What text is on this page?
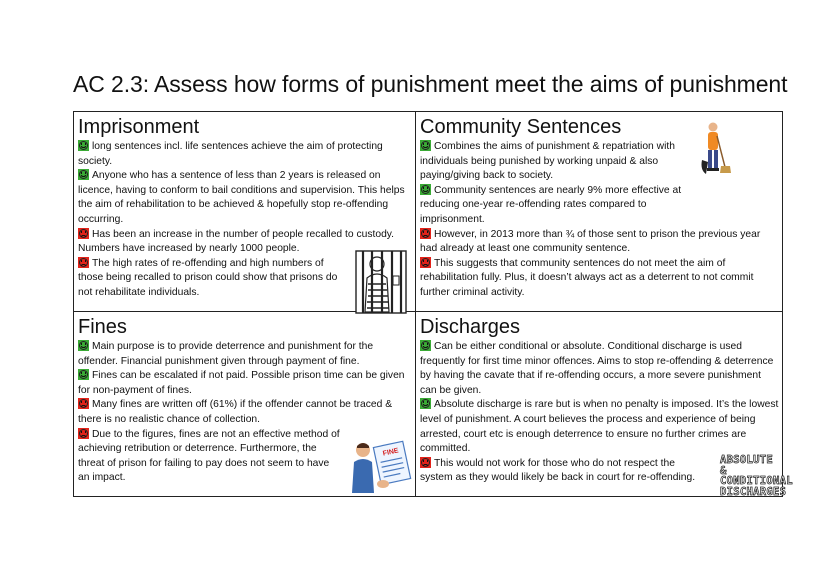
AC 2.3: Assess how forms of punishment meet the aims of punishment
Imprisonment

long sentences incl. life sentences achieve the aim of protecting society.

Anyone who has a sentence of less than 2 years is released on licence, having to conform to bail conditions and supervision. This helps the aim of rehabilitation to be achieved & hopefully stop re-offending occurring.

Has been an increase in the number of people recalled to custody. Numbers have increased by nearly 1000 people.

The high rates of re-offending and high numbers of those being recalled to prison could show that prisons do not rehabilitate individuals.

Community Sentences

Combines the aims of punishment & repatriation with individuals being punished by working unpaid & also paying/giving back to society.

Community sentences are nearly 9% more effective at reducing one-year re-offending rates compared to imprisonment.

However, in 2013 more than ¾ of those sent to prison the previous year had already at least one community sentence.

This suggests that community sentences do not meet the aim of rehabilitation fully. Plus, it doesn’t always act as a deterrent to not commit further criminal activity.

Fines

Main purpose is to provide deterrence and punishment for the offender. Financial punishment given through payment of fine.

Fines can be escalated if not paid. Possible prison time can be given for non-payment of fines.

Many fines are written off (61%) if the offender cannot be traced & there is no realistic chance of collection.

Due to the figures, fines are not an effective method of achieving retribution or deterrence. Furthermore, the threat of prison for failing to pay does not seem to have an impact.

Discharges

Can be either conditional or absolute. Conditional discharge is used frequently for first time minor offences. Aims to stop re-offending & deterrence by having the cavate that if re-offending occurs, a more severe punishment can be given.

Absolute discharge is rare but is when no penalty is imposed. It’s the lowest level of punishment. A court believes the process and experience of being arrested, court etc is enough deterrence to ensure no further crimes are committed.

This would not work for those who do not respect the system as they would likely be back in court for re-offending.

FINE
ABSOLUTE
&
CONDITIONAL
DISCHARGES
